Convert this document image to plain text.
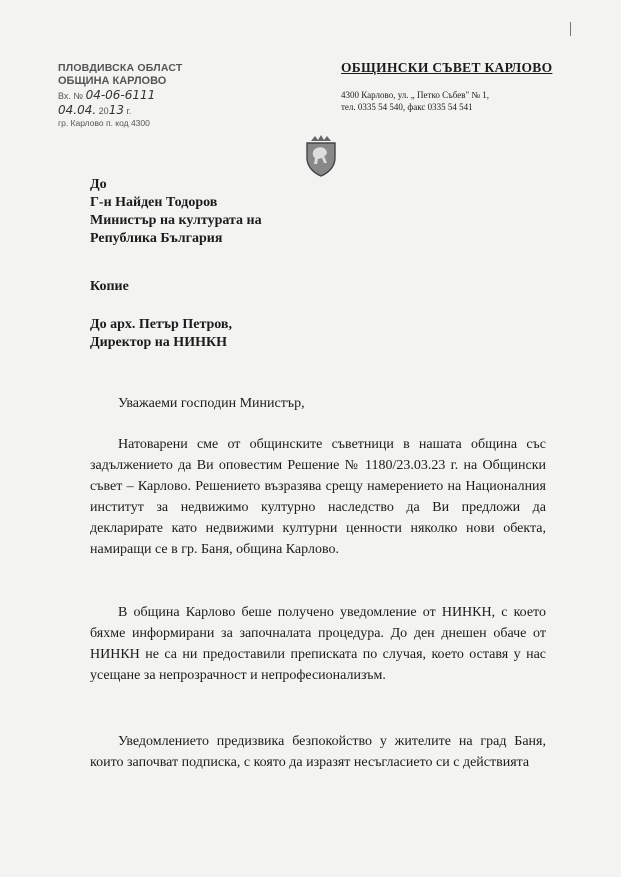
ПЛОВДИВСКА ОБЛАСТ
ОБЩИНА КАРЛОВО
Вх. № 04-06-6111
04.04. 2013 г.
гр. Карлово п. код 4300
ОБЩИНСКИ СЪВЕТ КАРЛОВО
4300 Карлово, ул. „ Петко Събев" № 1,
тел. 0335 54 540, факс 0335 54 541
До
Г-н Найден Тодоров
Министър на културата на
Република България
Копие
До арх. Петър Петров,
Директор на НИНКН
Уважаеми господин Министър,
Натоварени сме от общинските съветници в нашата община със задължението да Ви оповестим Решение № 1180/23.03.23 г. на Общински съвет – Карлово. Решението възразява срещу намерението на Националния институт за недвижимо културно наследство да Ви предложи да декларирате като недвижими културни ценности няколко нови обекта, намиращи се в гр. Баня, община Карлово.
В община Карлово беше получено уведомление от НИНКН, с което бяхме информирани за започналата процедура. До ден днешен обаче от НИНКН не са ни предоставили преписката по случая, което оставя у нас усещане за непрозрачност и непрофесионализъм.
Уведомлението предизвика безпокойство у жителите на град Баня, които започват подписка, с която да изразят несъгласието си с действията
